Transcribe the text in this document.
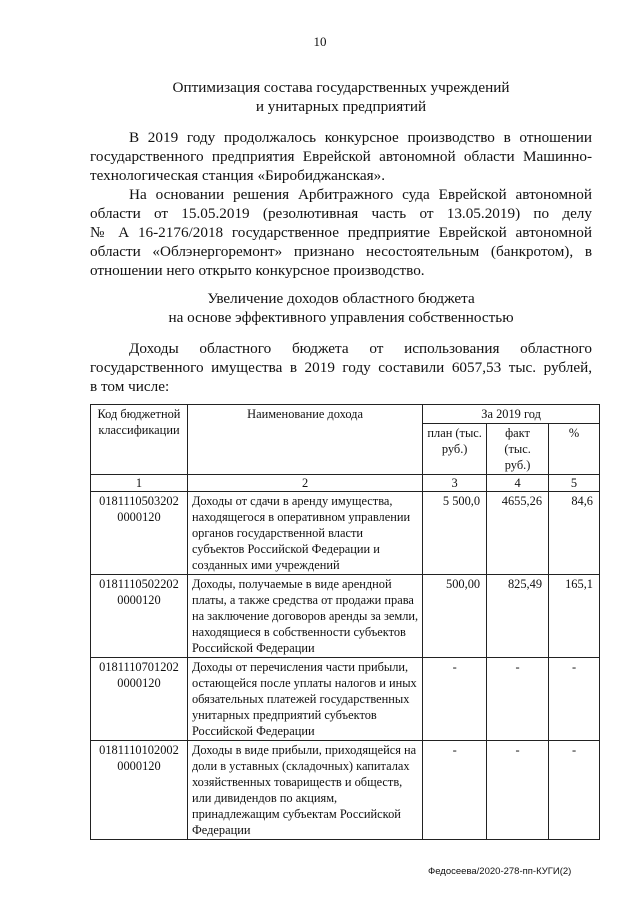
10
Оптимизация состава государственных учреждений
и унитарных предприятий
В 2019 году продолжалось конкурсное производство в отношении
государственного предприятия Еврейской автономной области Машинно-
технологическая станция «Биробиджанская».
На основании решения Арбитражного суда Еврейской автономной
области от 15.05.2019 (резолютивная часть от 13.05.2019) по делу
№ А 16-2176/2018 государственное предприятие Еврейской автономной
области «Облэнергоремонт» признано несостоятельным (банкротом), в
отношении него открыто конкурсное производство.
Увеличение доходов областного бюджета
на основе эффективного управления собственностью
Доходы областного бюджета от использования областного
государственного имущества в 2019 году составили 6057,53 тыс. рублей,
в том числе:
Код бюджетной классификации	Наименование дохода	За 2019 год		
		план (тыс. руб.)	факт (тыс. руб.)	%
1	2	3	4	5
0181110503202 0000120	Доходы от сдачи в аренду имущества, находящегося в оперативном управлении органов государственной власти субъектов Российской Федерации и созданных ими учреждений	5 500,0	4655,26	84,6
0181110502202 0000120	Доходы, получаемые в виде арендной платы, а также средства от продажи права на заключение договоров аренды за земли, находящиеся в собственности субъектов Российской Федерации	500,00	825,49	165,1
0181110701202 0000120	Доходы от перечисления части прибыли, остающейся после уплаты налогов и иных обязательных платежей государственных унитарных предприятий субъектов Российской Федерации	-	-	-
0181110102002 0000120	Доходы в виде прибыли, приходящейся на доли в уставных (складочных) капиталах хозяйственных товариществ и обществ, или дивидендов по акциям, принадлежащим субъектам Российской Федерации	-	-	-
Федосеева/2020-278-пп-КУГИ(2)
